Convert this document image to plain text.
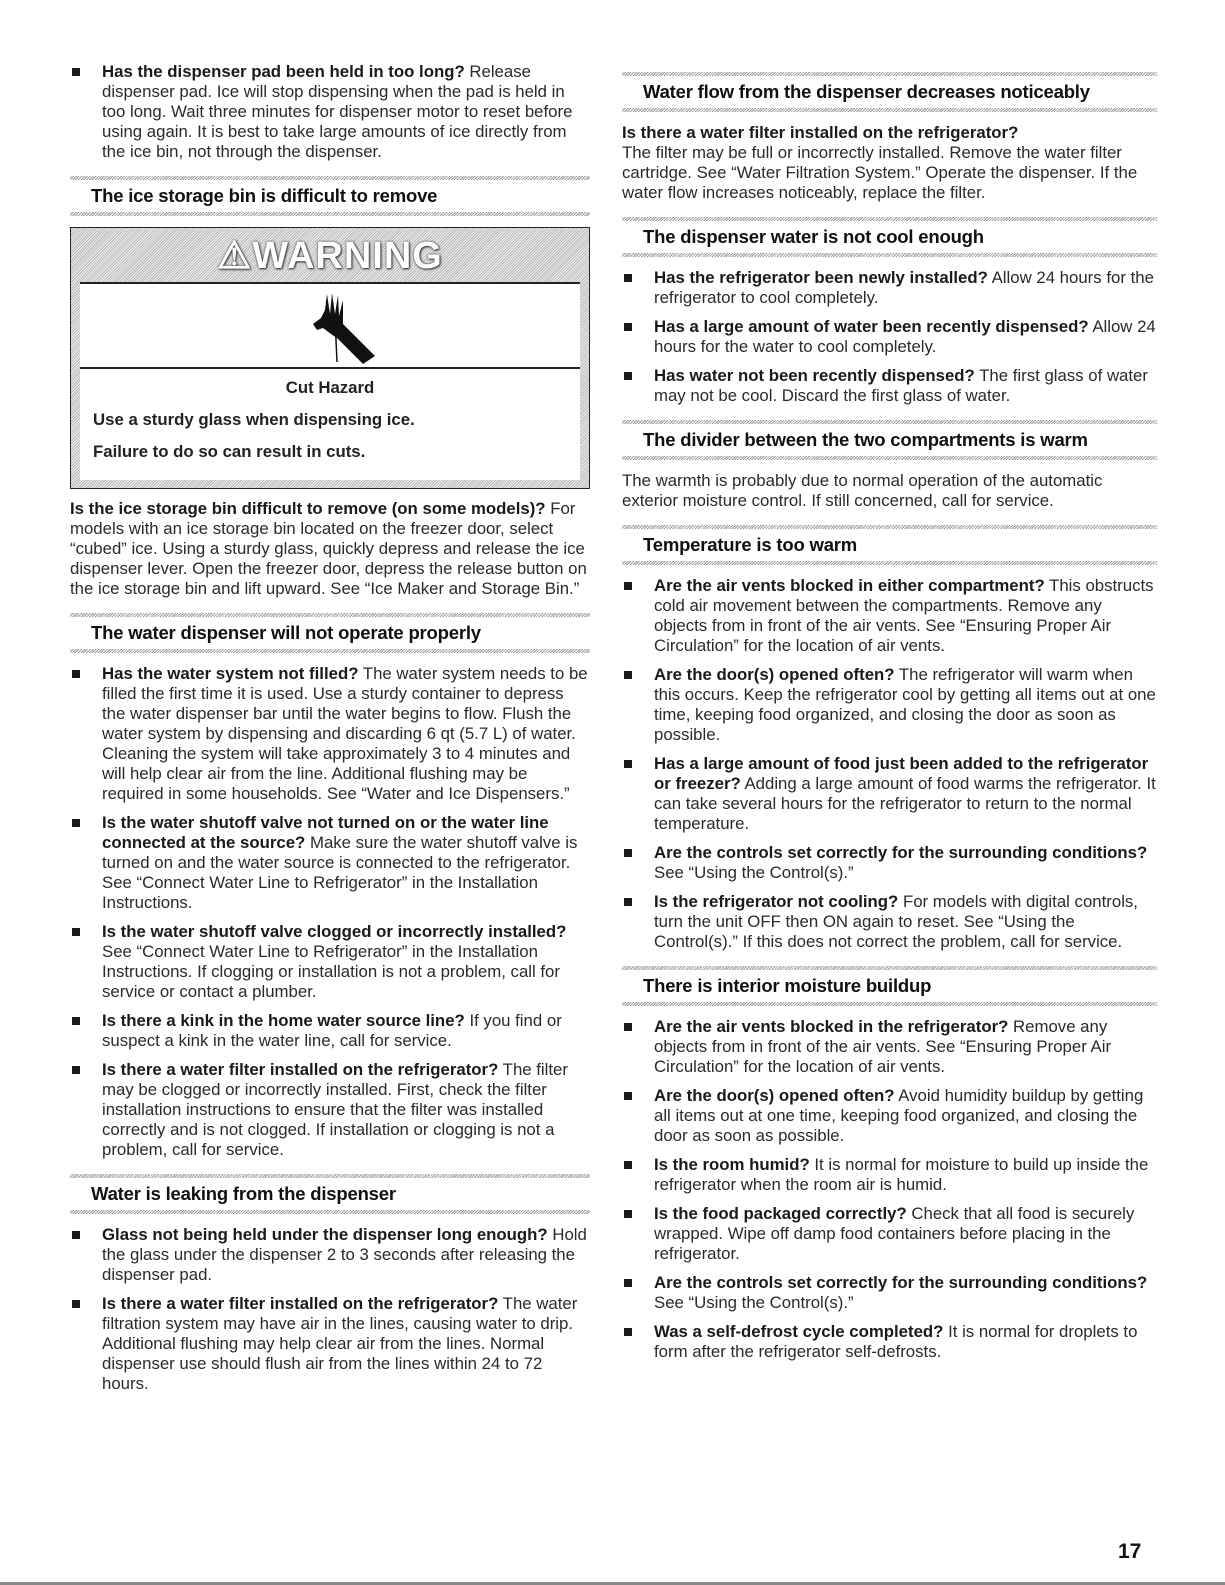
Has the dispenser pad been held in too long? Release dispenser pad. Ice will stop dispensing when the pad is held in too long. Wait three minutes for dispenser motor to reset before using again. It is best to take large amounts of ice directly from the ice bin, not through the dispenser.
The ice storage bin is difficult to remove
⚠WARNING
Cut Hazard
Use a sturdy glass when dispensing ice.
Failure to do so can result in cuts.

Is the ice storage bin difficult to remove (on some models)? For models with an ice storage bin located on the freezer door, select “cubed” ice. Using a sturdy glass, quickly depress and release the ice dispenser lever. Open the freezer door, depress the release button on the ice storage bin and lift upward. See “Ice Maker and Storage Bin.”

The water dispenser will not operate properly
Has the water system not filled? The water system needs to be filled the first time it is used. Use a sturdy container to depress the water dispenser bar until the water begins to flow. Flush the water system by dispensing and discarding 6 qt (5.7 L) of water. Cleaning the system will take approximately 3 to 4 minutes and will help clear air from the line. Additional flushing may be required in some households. See “Water and Ice Dispensers.”
Is the water shutoff valve not turned on or the water line connected at the source? Make sure the water shutoff valve is turned on and the water source is connected to the refrigerator. See “Connect Water Line to Refrigerator” in the Installation Instructions.
Is the water shutoff valve clogged or incorrectly installed? See “Connect Water Line to Refrigerator” in the Installation Instructions. If clogging or installation is not a problem, call for service or contact a plumber.
Is there a kink in the home water source line? If you find or suspect a kink in the water line, call for service.
Is there a water filter installed on the refrigerator? The filter may be clogged or incorrectly installed. First, check the filter installation instructions to ensure that the filter was installed correctly and is not clogged. If installation or clogging is not a problem, call for service.
Water is leaking from the dispenser
Glass not being held under the dispenser long enough? Hold the glass under the dispenser 2 to 3 seconds after releasing the dispenser pad.
Is there a water filter installed on the refrigerator? The water filtration system may have air in the lines, causing water to drip. Additional flushing may help clear air from the lines. Normal dispenser use should flush air from the lines within 24 to 72 hours.
Water flow from the dispenser decreases noticeably

Is there a water filter installed on the refrigerator?
The filter may be full or incorrectly installed. Remove the water filter cartridge. See “Water Filtration System.” Operate the dispenser. If the water flow increases noticeably, replace the filter.

The dispenser water is not cool enough
Has the refrigerator been newly installed? Allow 24 hours for the refrigerator to cool completely.
Has a large amount of water been recently dispensed? Allow 24 hours for the water to cool completely.
Has water not been recently dispensed? The first glass of water may not be cool. Discard the first glass of water.
The divider between the two compartments is warm

The warmth is probably due to normal operation of the automatic exterior moisture control. If still concerned, call for service.

Temperature is too warm
Are the air vents blocked in either compartment? This obstructs cold air movement between the compartments. Remove any objects from in front of the air vents. See “Ensuring Proper Air Circulation” for the location of air vents.
Are the door(s) opened often? The refrigerator will warm when this occurs. Keep the refrigerator cool by getting all items out at one time, keeping food organized, and closing the door as soon as possible.
Has a large amount of food just been added to the refrigerator or freezer? Adding a large amount of food warms the refrigerator. It can take several hours for the refrigerator to return to the normal temperature.
Are the controls set correctly for the surrounding conditions? See “Using the Control(s).”
Is the refrigerator not cooling? For models with digital controls, turn the unit OFF then ON again to reset. See “Using the Control(s).” If this does not correct the problem, call for service.
There is interior moisture buildup
Are the air vents blocked in the refrigerator? Remove any objects from in front of the air vents. See “Ensuring Proper Air Circulation” for the location of air vents.
Are the door(s) opened often? Avoid humidity buildup by getting all items out at one time, keeping food organized, and closing the door as soon as possible.
Is the room humid? It is normal for moisture to build up inside the refrigerator when the room air is humid.
Is the food packaged correctly? Check that all food is securely wrapped. Wipe off damp food containers before placing in the refrigerator.
Are the controls set correctly for the surrounding conditions? See “Using the Control(s).”
Was a self-defrost cycle completed? It is normal for droplets to form after the refrigerator self-defrosts.
17
